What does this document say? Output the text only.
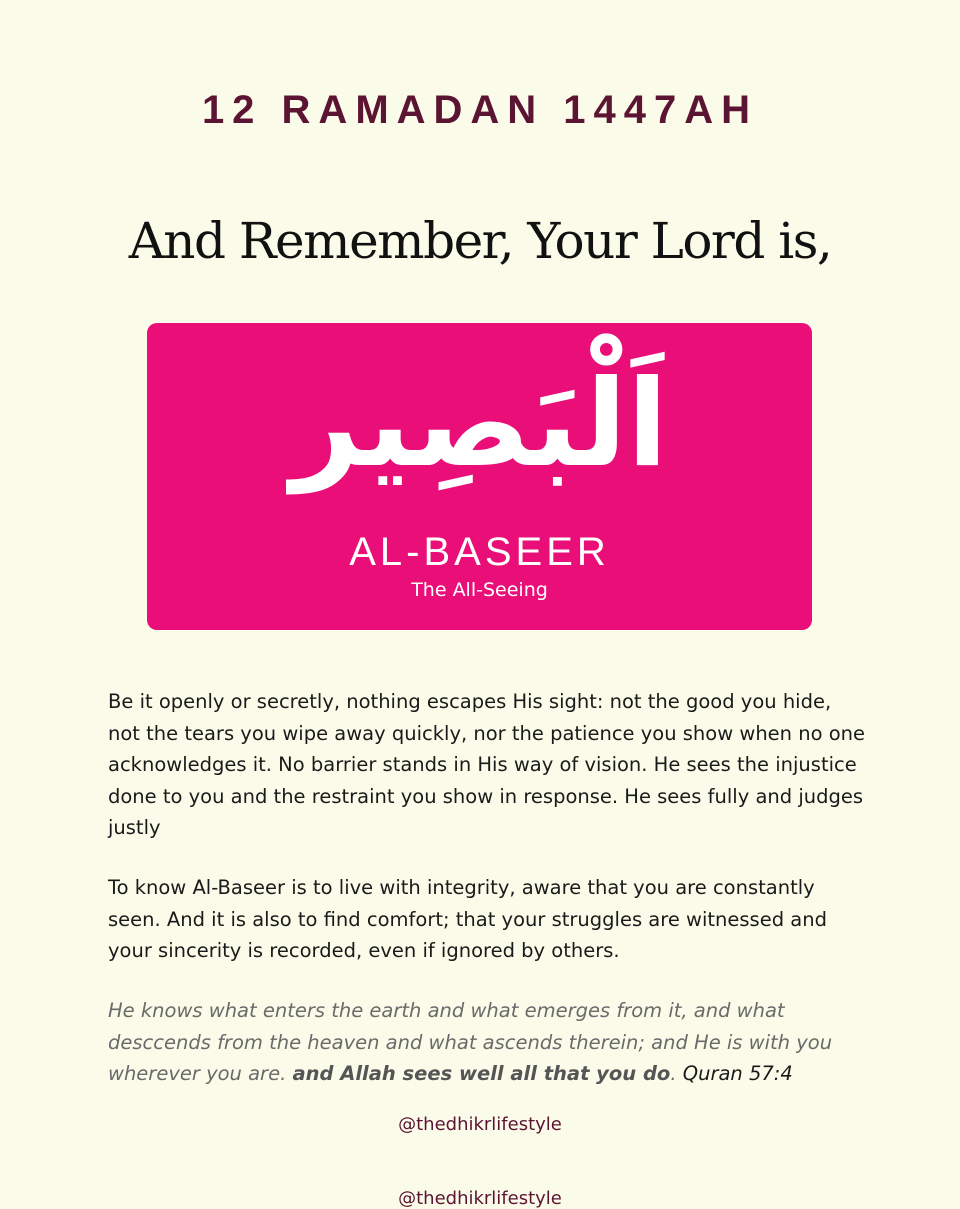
12 RAMADAN 1447AH
And Remember, Your Lord is,
اَلْبَصِير
AL-BASEER
The All-Seeing

Be it openly or secretly, nothing escapes His sight: not the good you hide, not the tears you wipe away quickly, nor the patience you show when no one acknowledges it. No barrier stands in His way of vision. He sees the injustice done to you and the restraint you show in response. He sees fully and judges justly

To know Al-Baseer is to live with integrity, aware that you are constantly seen. And it is also to find comfort; that your struggles are witnessed and your sincerity is recorded, even if ignored by others.

He knows what enters the earth and what emerges from it, and what desccends from the heaven and what ascends therein; and He is with you wherever you are. and Allah sees well all that you do. Quran 57:4

@thedhikrlifestyle
@thedhikrlifestyle
